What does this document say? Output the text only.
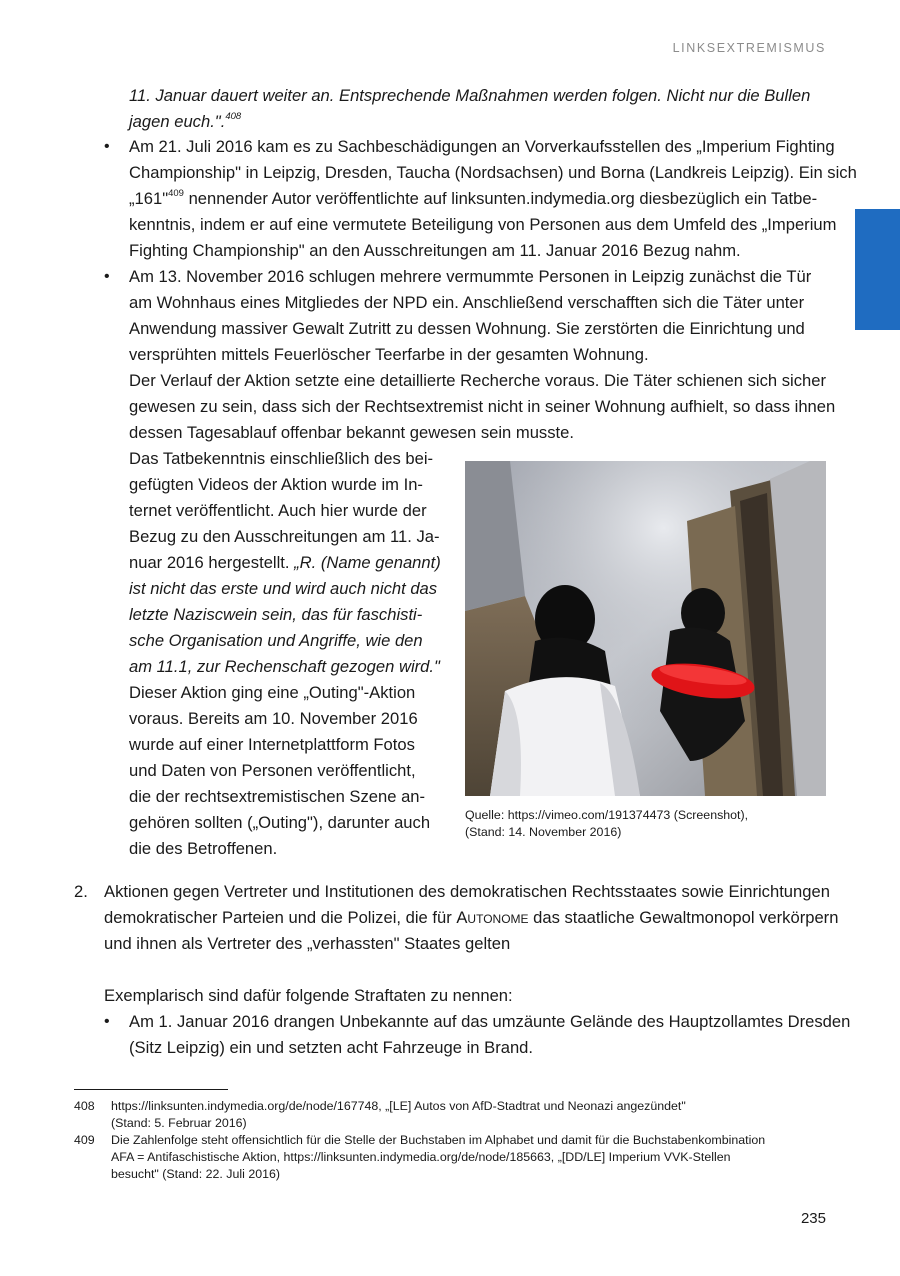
LINKSEXTREMISMUS
11. Januar dauert weiter an. Entsprechende Maßnahmen werden folgen. Nicht nur die Bullen
jagen euch.".$^{408}$
• Am 21. Juli 2016 kam es zu Sachbeschädigungen an Vorverkaufsstellen des „Imperium Fighting
Championship" in Leipzig, Dresden, Taucha (Nordsachsen) und Borna (Landkreis Leipzig). Ein sich
„161"$^{409}$ nennender Autor veröffentlichte auf linksunten.indymedia.org diesbezüglich ein Tatbe-
kenntnis, indem er auf eine vermutete Beteiligung von Personen aus dem Umfeld des „Imperium
Fighting Championship" an den Ausschreitungen am 11. Januar 2016 Bezug nahm.
• Am 13. November 2016 schlugen mehrere vermummte Personen in Leipzig zunächst die Tür
am Wohnhaus eines Mitgliedes der NPD ein. Anschließend verschafften sich die Täter unter
Anwendung massiver Gewalt Zutritt zu dessen Wohnung. Sie zerstörten die Einrichtung und
versprühten mittels Feuerlöscher Teerfarbe in der gesamten Wohnung.
Der Verlauf der Aktion setzte eine detaillierte Recherche voraus. Die Täter schienen sich sicher
gewesen zu sein, dass sich der Rechtsextremist nicht in seiner Wohnung aufhielt, so dass ihnen
dessen Tagesablauf offenbar bekannt gewesen sein musste.
Das Tatbekenntnis einschließlich des bei-
gefügten Videos der Aktion wurde im In-
ternet veröffentlicht. Auch hier wurde der
Bezug zu den Ausschreitungen am 11. Ja-
nuar 2016 hergestellt. „R. (Name genannt)
ist nicht das erste und wird auch nicht das
letzte Naziscwein sein, das für faschisti-
sche Organisation und Angriffe, wie den
am 11.1, zur Rechenschaft gezogen wird."
Dieser Aktion ging eine „Outing"-Aktion
voraus. Bereits am 10. November 2016
wurde auf einer Internetplattform Fotos
und Daten von Personen veröffentlicht,
die der rechtsextremistischen Szene an-
gehören sollten („Outing"), darunter auch
die des Betroffenen.
Quelle: https://vimeo.com/191374473 (Screenshot),
(Stand: 14. November 2016)
2. Aktionen gegen Vertreter und Institutionen des demokratischen Rechtsstaates sowie Einrichtungen
demokratischer Parteien und die Polizei, die für Autonome das staatliche Gewaltmonopol verkörpern
und ihnen als Vertreter des „verhassten" Staates gelten
Exemplarisch sind dafür folgende Straftaten zu nennen:
• Am 1. Januar 2016 drangen Unbekannte auf das umzäunte Gelände des Hauptzollamtes Dresden
(Sitz Leipzig) ein und setzten acht Fahrzeuge in Brand.
408 https://linksunten.indymedia.org/de/node/167748, „[LE] Autos von AfD-Stadtrat und Neonazi angezündet"
(Stand: 5. Februar 2016)
409 Die Zahlenfolge steht offensichtlich für die Stelle der Buchstaben im Alphabet und damit für die Buchstabenkombination
AFA = Antifaschistische Aktion, https://linksunten.indymedia.org/de/node/185663, „[DD/LE] Imperium VVK-Stellen
besucht" (Stand: 22. Juli 2016)
235
